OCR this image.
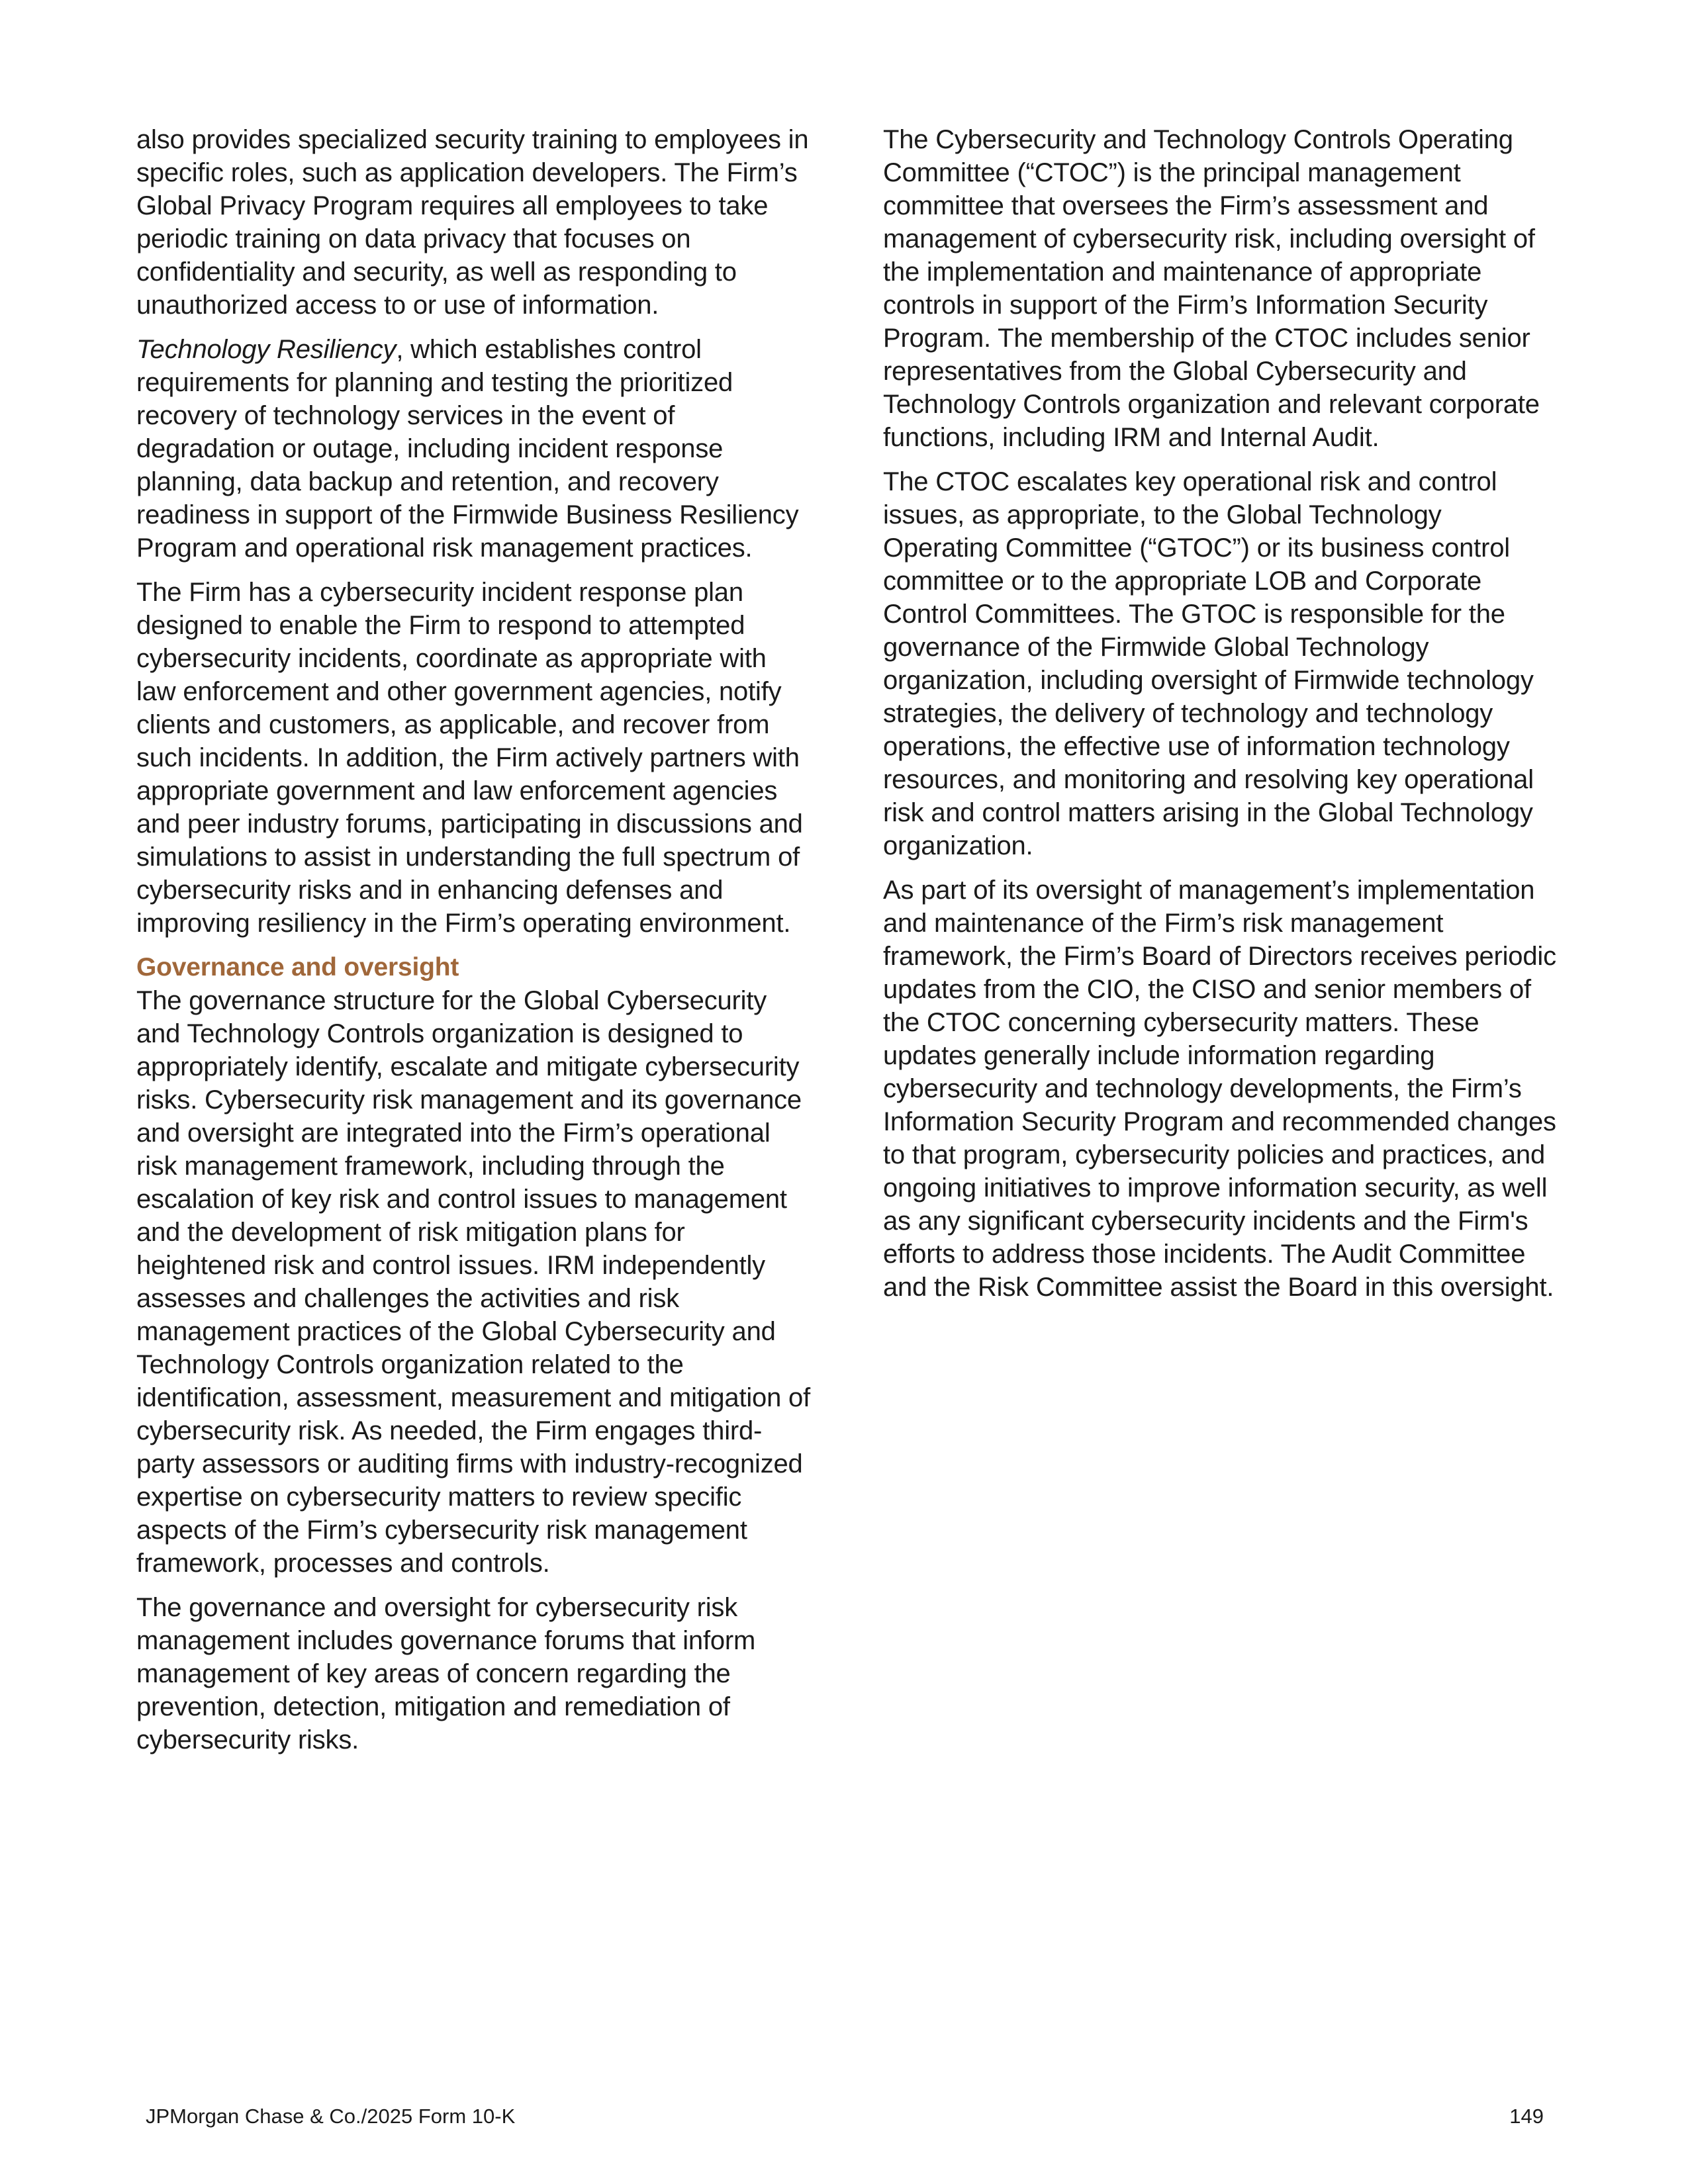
also provides specialized security training to employees in specific roles, such as application developers. The Firm’s Global Privacy Program requires all employees to take periodic training on data privacy that focuses on confidentiality and security, as well as responding to unauthorized access to or use of information.

Technology Resiliency, which establishes control requirements for planning and testing the prioritized recovery of technology services in the event of degradation or outage, including incident response planning, data backup and retention, and recovery readiness in support of the Firmwide Business Resiliency Program and operational risk management practices.

The Firm has a cybersecurity incident response plan designed to enable the Firm to respond to attempted cybersecurity incidents, coordinate as appropriate with law enforcement and other government agencies, notify clients and customers, as applicable, and recover from such incidents. In addition, the Firm actively partners with appropriate government and law enforcement agencies and peer industry forums, participating in discussions and simulations to assist in understanding the full spectrum of cybersecurity risks and in enhancing defenses and improving resiliency in the Firm’s operating environment.

Governance and oversight

The governance structure for the Global Cybersecurity and Technology Controls organization is designed to appropriately identify, escalate and mitigate cybersecurity risks. Cybersecurity risk management and its governance and oversight are integrated into the Firm’s operational risk management framework, including through the escalation of key risk and control issues to management and the development of risk mitigation plans for heightened risk and control issues. IRM independently assesses and challenges the activities and risk management practices of the Global Cybersecurity and Technology Controls organization related to the identification, assessment, measurement and mitigation of cybersecurity risk. As needed, the Firm engages third-party assessors or auditing firms with industry-recognized expertise on cybersecurity matters to review specific aspects of the Firm’s cybersecurity risk management framework, processes and controls.

The governance and oversight for cybersecurity risk management includes governance forums that inform management of key areas of concern regarding the prevention, detection, mitigation and remediation of cybersecurity risks.

The Cybersecurity and Technology Controls Operating Committee (“CTOC”) is the principal management committee that oversees the Firm’s assessment and management of cybersecurity risk, including oversight of the implementation and maintenance of appropriate controls in support of the Firm’s Information Security Program. The membership of the CTOC includes senior representatives from the Global Cybersecurity and Technology Controls organization and relevant corporate functions, including IRM and Internal Audit.

The CTOC escalates key operational risk and control issues, as appropriate, to the Global Technology Operating Committee (“GTOC”) or its business control committee or to the appropriate LOB and Corporate Control Committees. The GTOC is responsible for the governance of the Firmwide Global Technology organization, including oversight of Firmwide technology strategies, the delivery of technology and technology operations, the effective use of information technology resources, and monitoring and resolving key operational risk and control matters arising in the Global Technology organization.

As part of its oversight of management’s implementation and maintenance of the Firm’s risk management framework, the Firm’s Board of Directors receives periodic updates from the CIO, the CISO and senior members of the CTOC concerning cybersecurity matters. These updates generally include information regarding cybersecurity and technology developments, the Firm’s Information Security Program and recommended changes to that program, cybersecurity policies and practices, and ongoing initiatives to improve information security, as well as any significant cybersecurity incidents and the Firm's efforts to address those incidents. The Audit Committee and the Risk Committee assist the Board in this oversight.

JPMorgan Chase & Co./2025 Form 10-K	149
